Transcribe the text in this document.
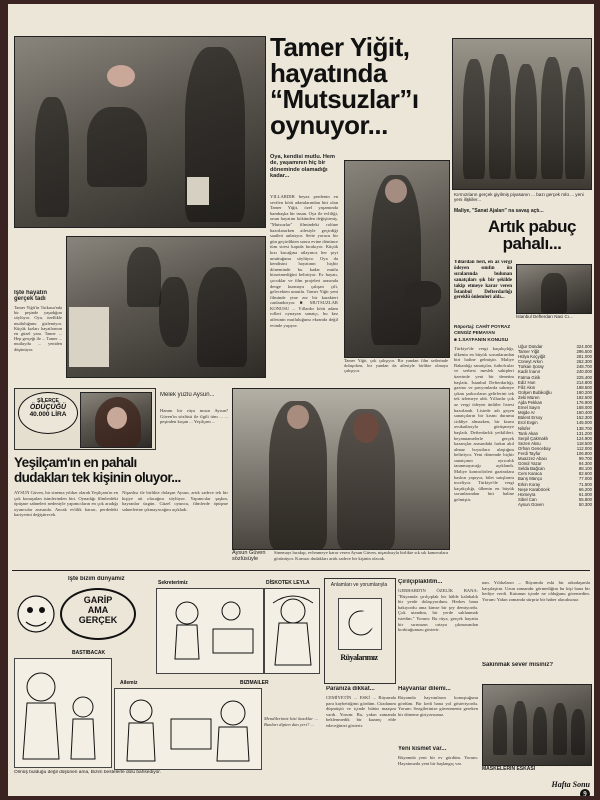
Tamer Yiğit,
hayatında
“Mutsuzlar”ı
oynuyor...
Kırmızıların gerçek giyilmiş piyasanın ... bazı gerçek rolü ... yeni yeni ilişkiler...
Maliye, "Sanat Ajaları" na savaş açtı...
Artık pabuç
pahalı...
Yıllardan beri, en az vergi ödeyen sınıfın ön sıralarında bulunan sanatçıları şık bir şekilde takip etmeye karar veren İstanbul Defterdarlığı gereklü önlemleri aldı...
İstanbul Defterdarı Naci Cı...
Röportaj: CAHİT POYRAZ CENGİZ PEMAYAN
■ 1.SAYFANIN KONUSU
Türkiye'de vergi kaçakçılığı, ülkenin en büyük sorunlarından biri haline gelmiştir. Maliye Bakanlığı sanatçılar, futbolcular ve serbest meslek sahipleri üzerinde yeni bir denetim başlattı. İstanbul Defterdarlığı, gazino ve pavyonlarda sahneye çıkan şarkıcıların gelirlerini tek tek izlemeye aldı. Yıllardır çok az vergi ödeyen ünlüler listesi hazırlandı. Listede adı geçen sanatçıların bir kısmı durumu ciddiye almazken, bir kısmı avukatlarıyla görüşmeye başladı. Defterdarlık yetkilileri, beyannamelerle gerçek kazançlar arasındaki farkın akıl almaz boyutlara ulaştığını belirtiyor. Yeni dönemde hiçbir sanatçının ayrıcalık tanınmayacağı açıklandı. Maliye kontrolörleri gazinolara baskın yapıyor, bilet satışlarını inceliyor. Türkiye'de vergi kaçakçılığı, ülkenin en büyük sorunlarından biri haline gelmiştir.
Uğur Dündar	324.000
Tamer Yiğit	296.500
Hülya Koçyiğit	281.000
Cüneyt Arkın	262.300
Türkan Şoray	248.700
Kadir İnanır	240.000
Fatma Girik	225.400
Ediz Hun	214.800
Filiz Akın	198.600
Gülşen Bubikoğlu	190.200
Zeki Müren	182.500
Ajda Pekkan	176.900
Emel Sayın	168.000
Müjde Ar	160.400
Bülent Ersoy	152.300
Erol Evgin	145.000
Nilüfer	138.700
Tarık Akan	131.200
Serpil Çakmaklı	124.900
Sezen Aksu	118.500
Orhan Gencebay	112.000
Ferdi Tayfur	106.800
Muazzez Abacı	99.700
Gönül Yazar	94.300
Selda Bağcan	88.100
Cem Karaca	82.600
Barış Manço	77.000
Erkin Koray	71.500
Neşe Karaböcek	66.200
Hümeyra	61.000
Sibel Can	55.800
Aysun Güven	50.300
İşte hayatın gerçek tadı
Tamer Yiğit'in Tutkusu'nda bir peşinde yaşadığını söylüyor. Oya, özellikle mutluluğunu gizlemiyor. Küçük kızları hayatlarının en güzel yanı. Tamer ... Hep gerçeği ile ... Tamer ... mutluydu ... yeniden düşünüyor.
Oya, kendisi mutlu. Hem de, yaşamının hiç bir döneminde olamadığı kadar...
YILLARDIR beyaz perdenin en sevilen kötü adamlarından biri olan Tamer Yiğit, özel yaşamında bambaşka bir insan. Oya ile evliliği, onun hayatını kökünden değiştirmiş. "Mutsuzlar" filmindeki rolüne hazırlanırken ailesiyle geçirdiği saatleri anlatıyor. Sette yorucu bir gün geçirdikten sonra evine dönünce tüm stresi kapıda bırakıyor. Küçük kızı kucağına atlayınca her şeyi unuttuğunu söylüyor. Oya da kendisini hayatının hiçbir döneminde bu kadar mutlu hissetmediğini belirtiyor. Ev hayatı, çocuklar ve film projeleri arasında denge kurmaya çalışan çift, gelecekten umutlu. Tamer Yiğit yeni filminde yine zor bir karakteri canlandırıyor. ■ MUTSUZLAR KONUSU ... Yıllardır kötü adam rolleri oynayan sanatçı, bu kez ailesinin mutluluğunu ekranda değil evinde yaşıyor.
Tamer Yiğit, çok çalışıyor. Bir yandan film setlerinde dolaşırken, bir yandan da ailesiyle birlikte olmaya çalışıyor.
ŞİLERCE
ÖDÜÇÜĞÜ
40.000 LİRA
Melek yüzlü Aysun...
Hanım bir rüya mısın Aysun? Güven'in sözlüsü ile ilgili tüm ... ... peşinden koşan ... Yeşilçam ...
Yeşilçam'ın en pahalı
dudakları tek kişinin oluyor...
AYSUN Güven, bir sinema yıldızı olarak Yeşilçam'ın en çok konuşulan isimlerinden biri. Oynadığı filmlerdeki öpüşme sahneleri nedeniyle yapımcıların en çok aradığı oyuncular arasında. Ancak evlilik kararı, perdedeki kariyerini değiştirecek.
Nişanlısı ile birlikte dolaşan Aysun, artık sadece tek bir kişiye ait olacağını söylüyor. Yapımcılar şaşkın, hayranlar üzgün. Güzel oyuncu, filmlerde öpüşme sahnelerine çıkmayacağını açıkladı.
Aysun Güven sözlüsüyle
Sinemayı bırakıp, evlenmeye karar veren Aysun Güven, nişanlısıyla birlikte sık sık kameralara görünüyor. Kırmızı dudakları artık sadece bir kişinin olacak.
İşte bizim dünyamız
GARİP
AMA
GERÇEK
Sekreterimiz	DİSKOTEK LEYLA
BASTIBACAK
Ailemiz	BIZIMAILER
Mendilerimiz bizi kasıklar ... Bunları dipten dan yeri? ...
Ölmüş bulduğu değil düşünen ama, Bizim bestelerle dolu bahsediyor.
Anlamları ve yorumlarıyla
Rüyalarımız
Çırılçıplaklıtm...
GERHARD'IN ÖZELİK BANA: "Rüyamda çırılçıplak bir hâlde kalabalık bir yerde dolaşıyordum. Herkes bana bakıyordu ama kimse bir şey demiyordu. Çok utandım, bir yerde saklanmak istedim." Yorum: Bu rüya, gerçek hayatta bir sırrınızın ortaya çıkmasından korktuğunuzu gösterir.
Paranıza dikkat...
CEMİYETİN ... ESKİ ... Rüyamda para kaybettiğimi gördüm. Cüzdanım düşmüştü ve içinde bütün maaşım vardı. Yorum: Bu, yakın zamanda beklenmedik bir kazanç elde edeceğinizi gösterir.
Hayvanlar dilemi...
Rüyamda hayvanların konuştuğunu gördüm. Bir kedi bana yol gösteriyordu. Yorum: Sezgilerinize güvenmeniz gereken bir döneme giriyorsunuz.
Yeni kısmet var...
Rüyamda yeni bir ev gördüm. Yorum: Hayatınızda yeni bir başlangıç var.
nan. Yıldızların ... Rüyamda eski bir arkadaşımla karşılaştım. Uzun zamandır görmediğim bu kişi bana bir hediye verdi. Kutunun içinde ne olduğunu göremedim. Yorum: Yakın zamanda sürpriz bir haber alacaksınız.
Sakınmak sever misiniz?
MASKELERIN ESKASI
Hafta Sonu 9
